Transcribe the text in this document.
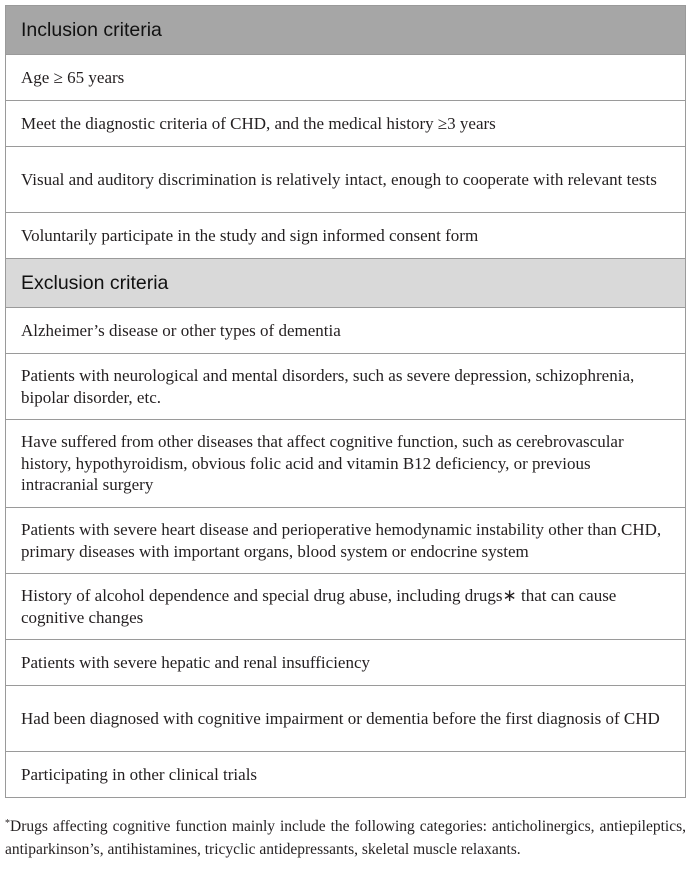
Inclusion criteria
Age ≥ 65 years
Meet the diagnostic criteria of CHD, and the medical history ≥3 years
Visual and auditory discrimination is relatively intact, enough to cooperate with relevant tests
Voluntarily participate in the study and sign informed consent form
Exclusion criteria
Alzheimer’s disease or other types of dementia
Patients with neurological and mental disorders, such as severe depression, schizophrenia, bipolar disorder, etc.
Have suffered from other diseases that affect cognitive function, such as cerebrovascular history, hypothyroidism, obvious folic acid and vitamin B12 deficiency, or previous intracranial surgery
Patients with severe heart disease and perioperative hemodynamic instability other than CHD, primary diseases with important organs, blood system or endocrine system
History of alcohol dependence and special drug abuse, including drugs∗ that can cause cognitive changes
Patients with severe hepatic and renal insufficiency
Had been diagnosed with cognitive impairment or dementia before the first diagnosis of CHD
Participating in other clinical trials
*Drugs affecting cognitive function mainly include the following categories: anticholinergics, antiepileptics, antiparkinson’s, antihistamines, tricyclic antidepressants, skeletal muscle relaxants.
